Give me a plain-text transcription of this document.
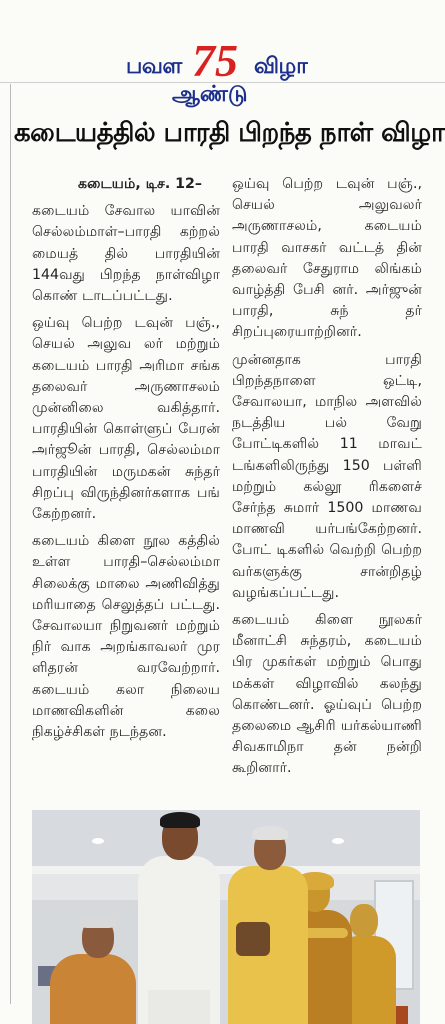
பவள 75 விழா
ஆண்டு
கடையத்தில் பாரதி பிறந்த நாள் விழா

கடையம், டிச. 12–

கடையம் சேவால யாவின் செல்லம்மாள்–பாரதி கற்றல் மையத் தில் பாரதியின் 144வது பிறந்த நாள்விழா கொண் டாடப்பட்டது.

ஒய்வு பெற்ற டவுன் பஞ்., செயல் அலுவ லர் மற்றும் கடையம் பாரதி அரிமா சங்க தலைவர் அருணாசலம் முன்னிலை வகித்தார். பாரதியின் கொள்ளுப் பேரன் அர்ஜூன் பாரதி, செல்லம்மா பாரதியின் மருமகன் சுந்தர் சிறப்பு விருந்தினர்களாக பங் கேற்றனர்.

கடையம் கிளை நூல கத்தில் உள்ள பாரதி–செல்லம்மா சிலைக்கு மாலை அணிவித்து மரியாதை செலுத்தப் பட்டது. சேவாலயா நிறுவனர் மற்றும் நிர் வாக அறங்காவலர் முர ளிதரன் வரவேற்றார். கடையம் கலா நிலைய மாணவிகளின் கலை நிகழ்ச்சிகள் நடந்தன.

ஒய்வு பெற்ற டவுன் பஞ்., செயல் அலுவலர் அருணாசலம், கடையம் பாரதி வாசகர் வட்டத் தின் தலைவர் சேதுராம லிங்கம் வாழ்த்தி பேசி னர். அர்ஜுன் பாரதி, சுந் தர் சிறப்புரையாற்றினர்.

முன்னதாக பாரதி பிறந்தநாளை ஒட்டி, சேவாலயா, மாநில அளவில் நடத்திய பல் வேறு போட்டிகளில் 11 மாவட் டங்களிலிருந்து 150 பள்ளி மற்றும் கல்லூ ரிகளைச் சேர்ந்த சுமார் 1500 மாணவ மாணவி யர்பங்கேற்றனர். போட் டிகளில் வெற்றி பெற்ற வர்களுக்கு சான்றிதழ் வழங்கப்பட்டது.

கடையம் கிளை நூலகர் மீனாட்சி சுந்தரம், கடையம் பிர முகர்கள் மற்றும் பொது மக்கள் விழாவில் கலந்து கொண்டனர். ஓய்வுப் பெற்ற தலைமை ஆசிரி யர்கல்யாணி சிவகாமிநா தன் நன்றி கூறினார்.
